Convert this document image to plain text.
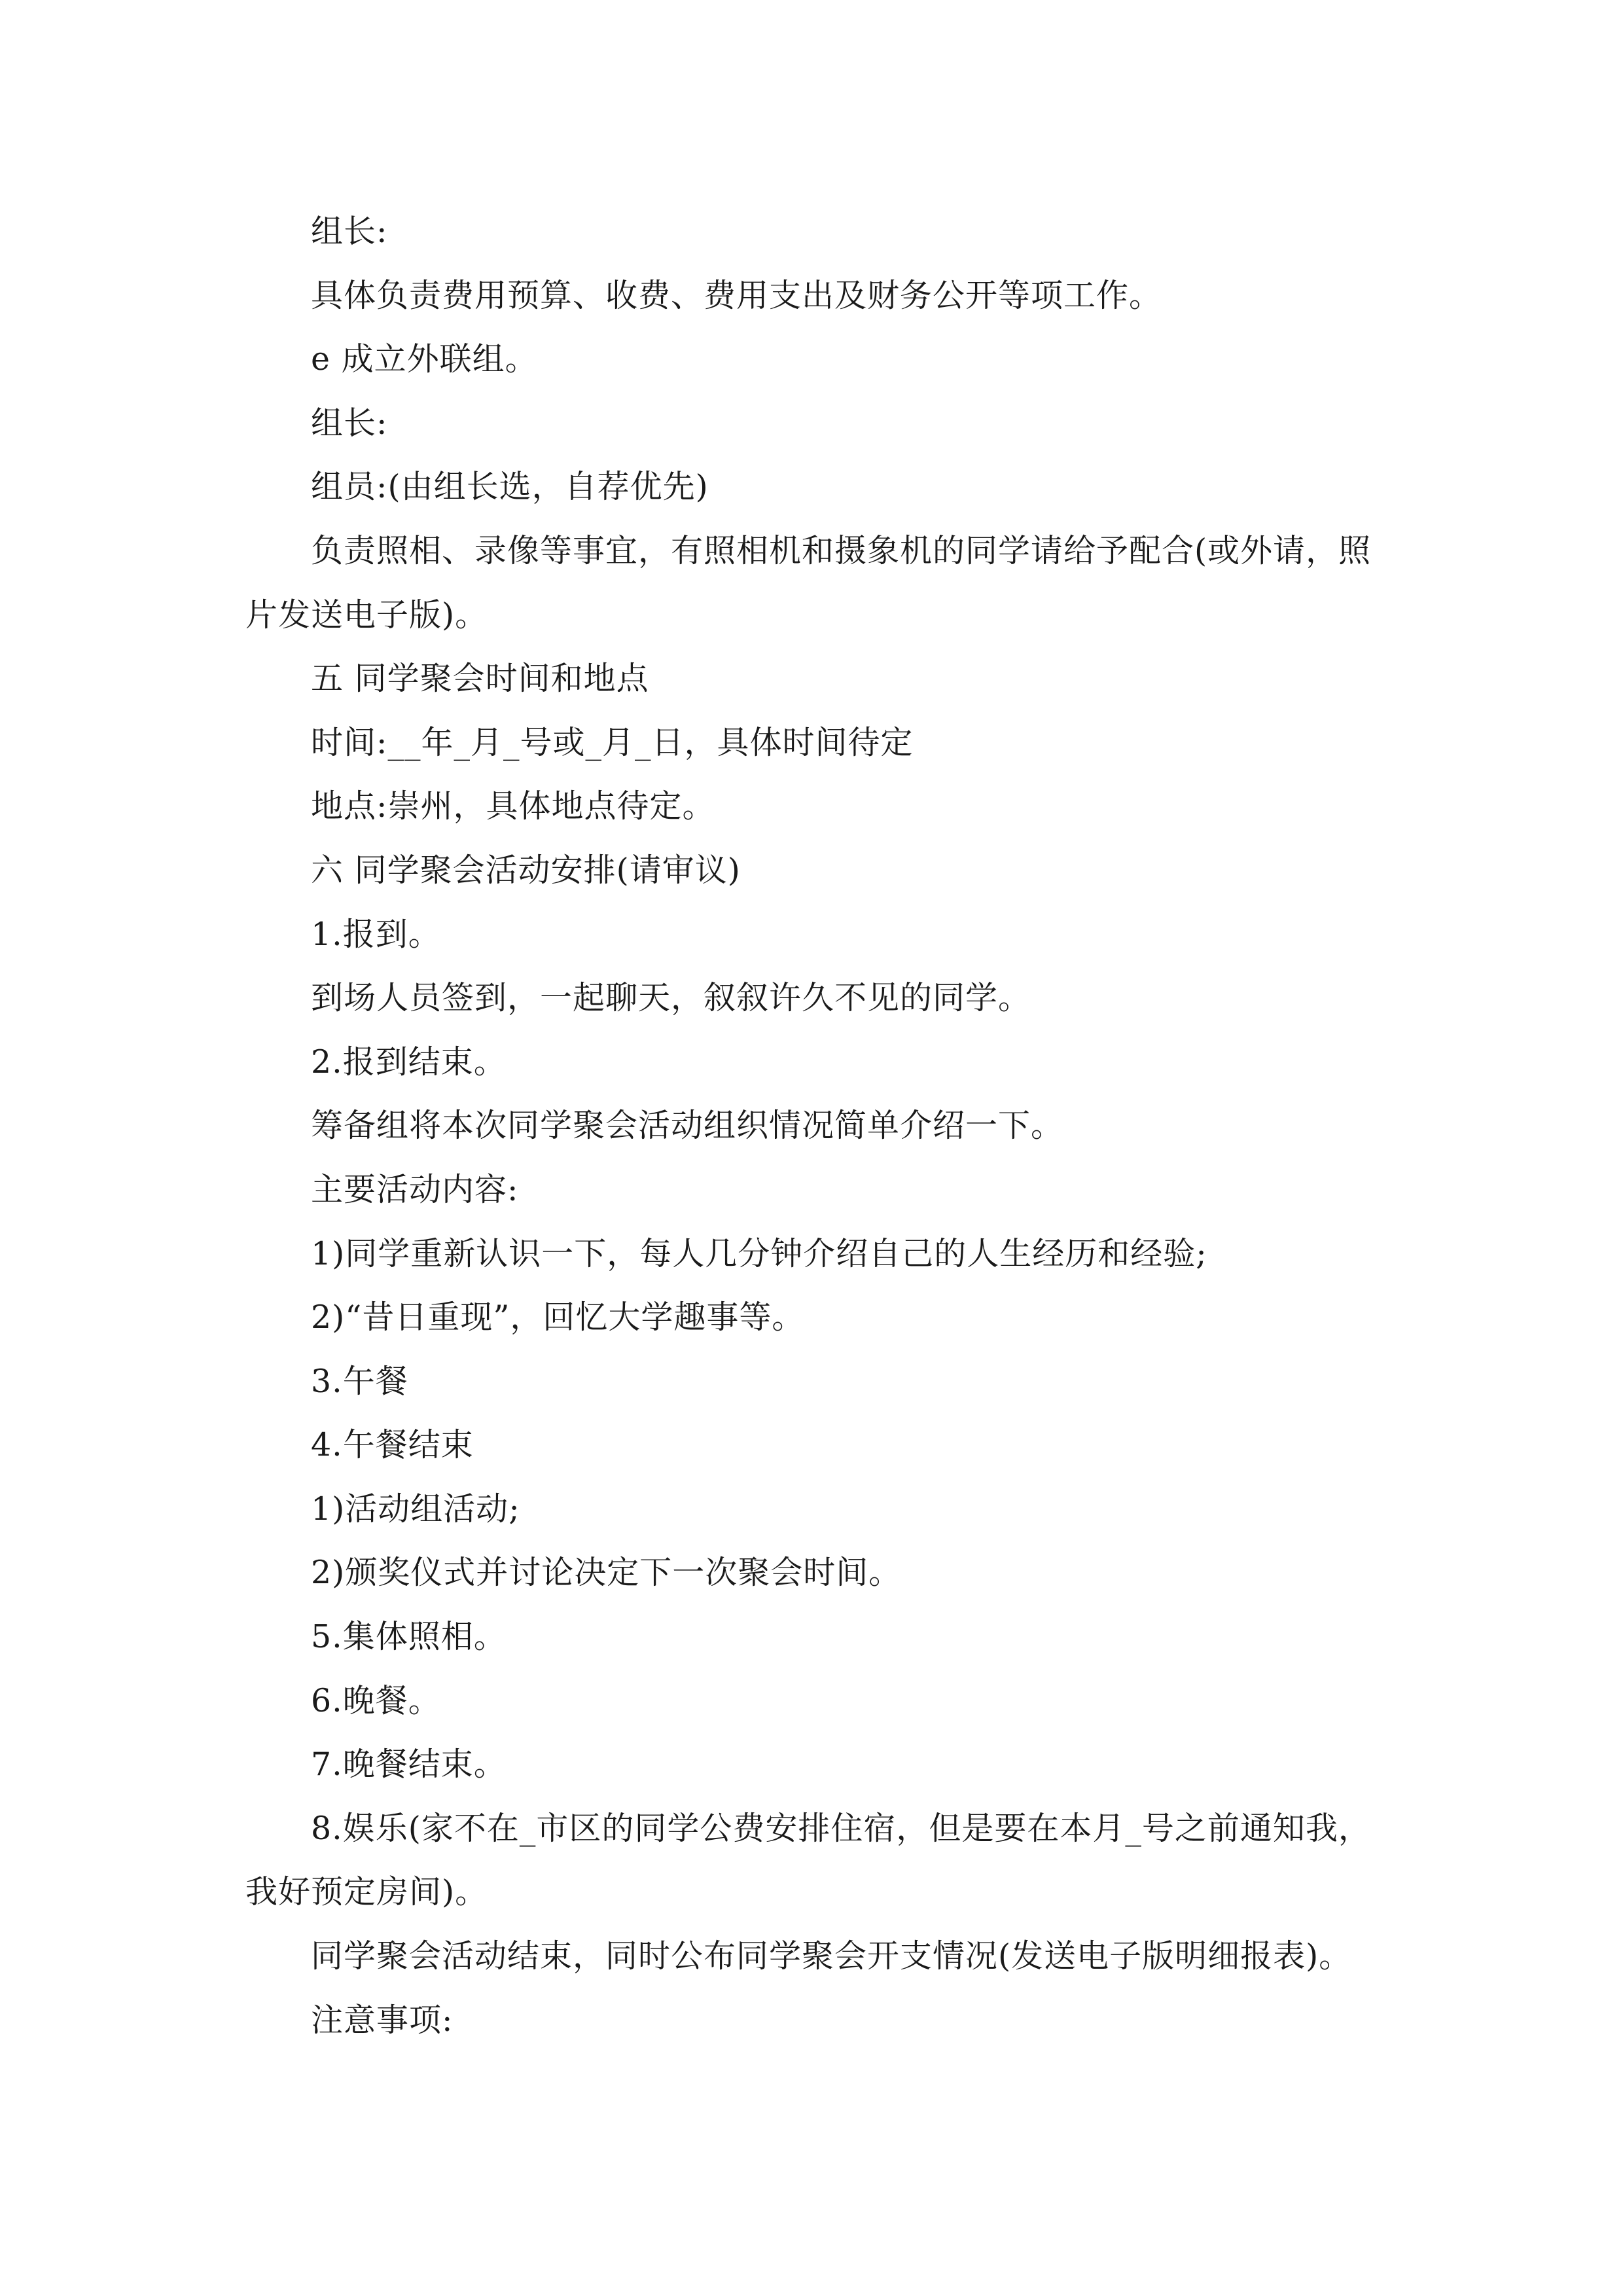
组长:

具体负责费用预算、收费、费用支出及财务公开等项工作。

e 成立外联组。

组长:

组员:(由组长选，自荐优先)

负责照相、录像等事宜，有照相机和摄象机的同学请给予配合(或外请，照片发送电子版)。

五 同学聚会时间和地点

时间:__年_月_号或_月_日，具体时间待定

地点:崇州，具体地点待定。

六 同学聚会活动安排(请审议)

1.报到。

到场人员签到，一起聊天，叙叙许久不见的同学。

2.报到结束。

筹备组将本次同学聚会活动组织情况简单介绍一下。

主要活动内容:

1)同学重新认识一下，每人几分钟介绍自己的人生经历和经验;

2)“昔日重现”，回忆大学趣事等。

3.午餐

4.午餐结束

1)活动组活动;

2)颁奖仪式并讨论决定下一次聚会时间。

5.集体照相。

6.晚餐。

7.晚餐结束。

8.娱乐(家不在_市区的同学公费安排住宿，但是要在本月_号之前通知我，我好预定房间)。

同学聚会活动结束，同时公布同学聚会开支情况(发送电子版明细报表)。

注意事项:
